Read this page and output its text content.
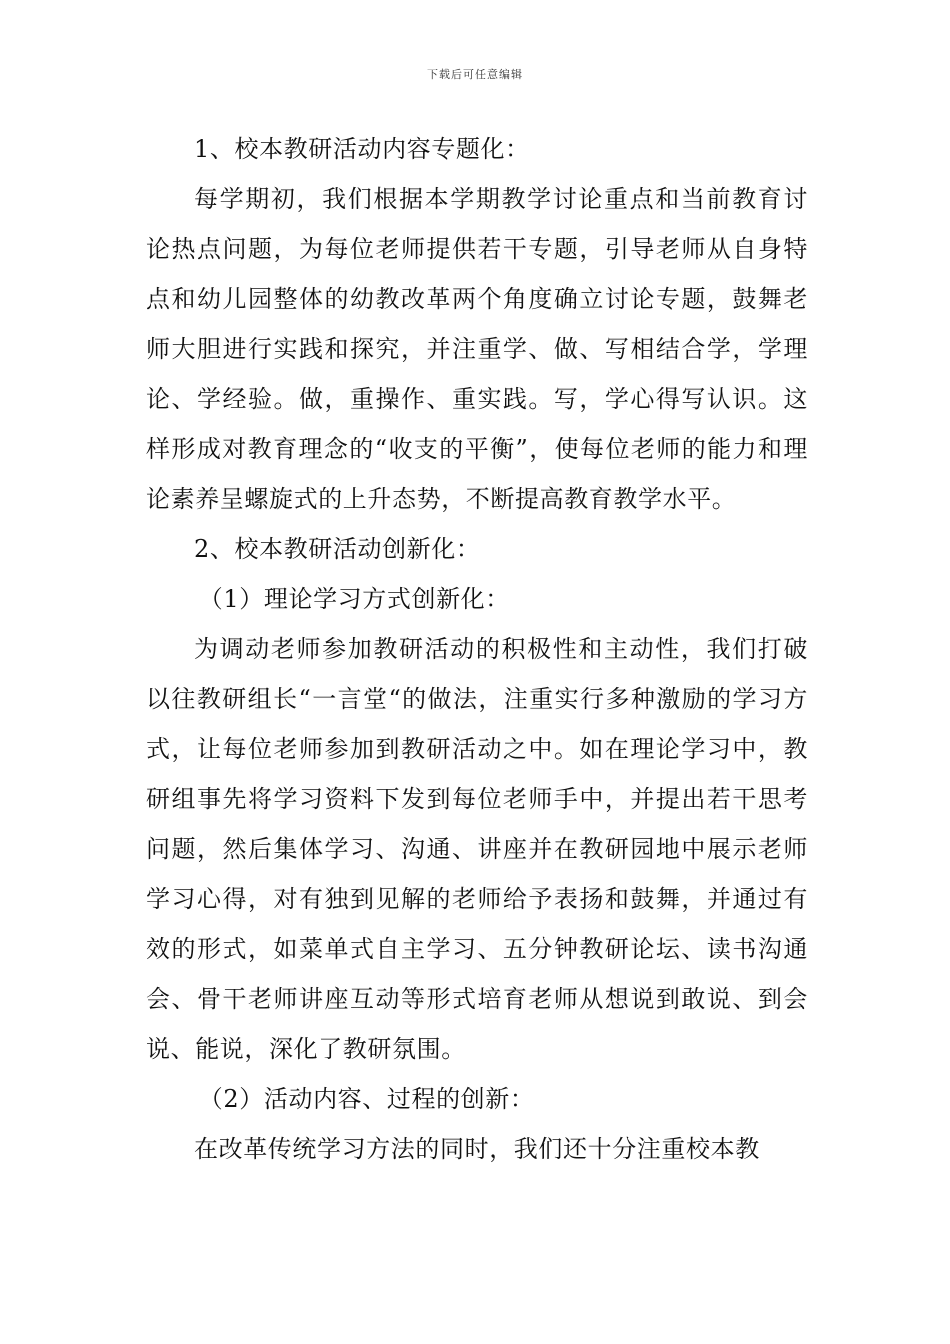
下载后可任意编辑

1、校本教研活动内容专题化：

每学期初，我们根据本学期教学讨论重点和当前教育讨论热点问题，为每位老师提供若干专题，引导老师从自身特点和幼儿园整体的幼教改革两个角度确立讨论专题，鼓舞老师大胆进行实践和探究，并注重学、做、写相结合学，学理论、学经验。做，重操作、重实践。写，学心得写认识。这样形成对教育理念的“收支的平衡”，使每位老师的能力和理论素养呈螺旋式的上升态势，不断提高教育教学水平。

2、校本教研活动创新化：

（1）理论学习方式创新化：

为调动老师参加教研活动的积极性和主动性，我们打破以往教研组长“一言堂“的做法，注重实行多种激励的学习方式，让每位老师参加到教研活动之中。如在理论学习中，教研组事先将学习资料下发到每位老师手中，并提出若干思考问题，然后集体学习、沟通、讲座并在教研园地中展示老师学习心得，对有独到见解的老师给予表扬和鼓舞，并通过有效的形式，如菜单式自主学习、五分钟教研论坛、读书沟通会、骨干老师讲座互动等形式培育老师从想说到敢说、到会说、能说，深化了教研氛围。

（2）活动内容、过程的创新：

在改革传统学习方法的同时，我们还十分注重校本教
